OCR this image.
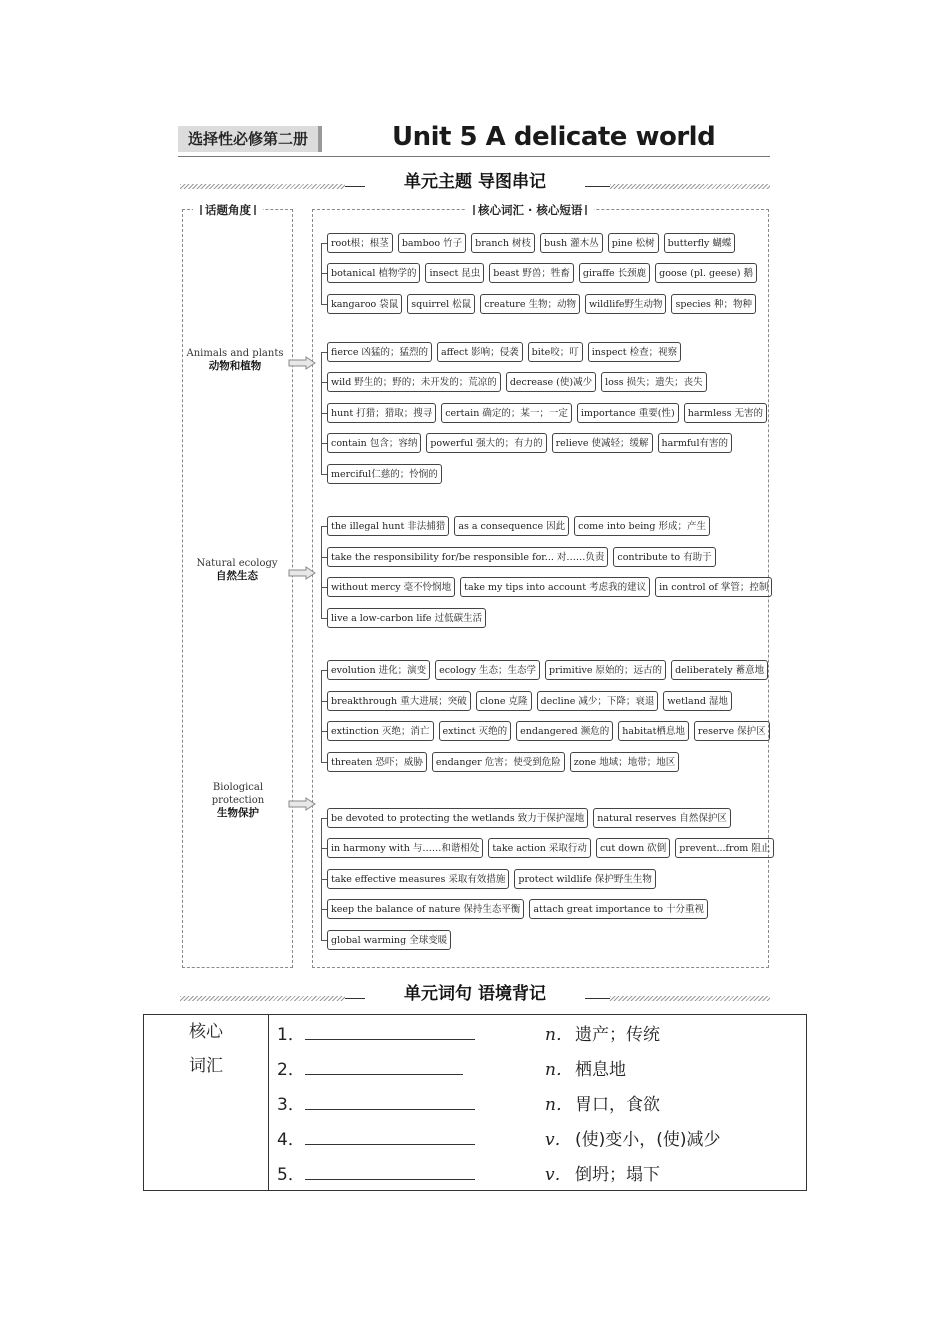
选择性必修第二册	Unit 5 A delicate world
单元主题 导图串记
话题角度	核心词汇 · 核心短语
Animals and plants
动物和植物
Natural ecology
自然生态
Biological
protection
生物保护
root根；根茎	bamboo 竹子	branch 树枝	bush 灌木丛	pine 松树	butterfly 蝴蝶
botanical 植物学的	insect 昆虫	beast 野兽；牲畜	giraffe 长颈鹿	goose (pl. geese) 鹅
kangaroo 袋鼠	squirrel 松鼠	creature 生物；动物	wildlife野生动物	species 种；物种
fierce 凶猛的；猛烈的	affect 影响；侵袭	bite咬；叮	inspect 检查；视察
wild 野生的；野的；未开发的；荒凉的	decrease (使)减少	loss 损失；遗失；丧失
hunt 打猎；猎取；搜寻	certain 确定的；某一；一定	importance 重要(性)	harmless 无害的
contain 包含；容纳	powerful 强大的；有力的	relieve 使减轻；缓解	harmful有害的
merciful仁慈的；怜悯的
the illegal hunt 非法捕猎	as a consequence 因此	come into being 形成；产生
take the responsibility for/be responsible for... 对……负责	contribute to 有助于
without mercy 毫不怜悯地	take my tips into account 考虑我的建议	in control of 掌管；控制
live a low-carbon life 过低碳生活
evolution 进化；演变	ecology 生态；生态学	primitive 原始的；远古的	deliberately 蓄意地
breakthrough 重大进展；突破	clone 克隆	decline 减少；下降；衰退	wetland 湿地
extinction 灭绝；消亡	extinct 灭绝的	endangered 濒危的	habitat栖息地	reserve 保护区
threaten 恐吓；威胁	endanger 危害；使受到危险	zone 地域；地带；地区
be devoted to protecting the wetlands 致力于保护湿地	natural reserves 自然保护区
in harmony with 与……和谐相处	take action 采取行动	cut down 砍倒	prevent...from 阻止
take effective measures 采取有效措施	protect wildlife 保护野生生物
keep the balance of nature 保持生态平衡	attach great importance to 十分重视
global warming 全球变暖
单元词句 语境背记
核心
词汇

1．	n． 遗产；传统
2．	n． 栖息地
3．	n． 胃口，食欲
4．	v． (使)变小，(使)减少
5．	v． 倒坍；塌下
